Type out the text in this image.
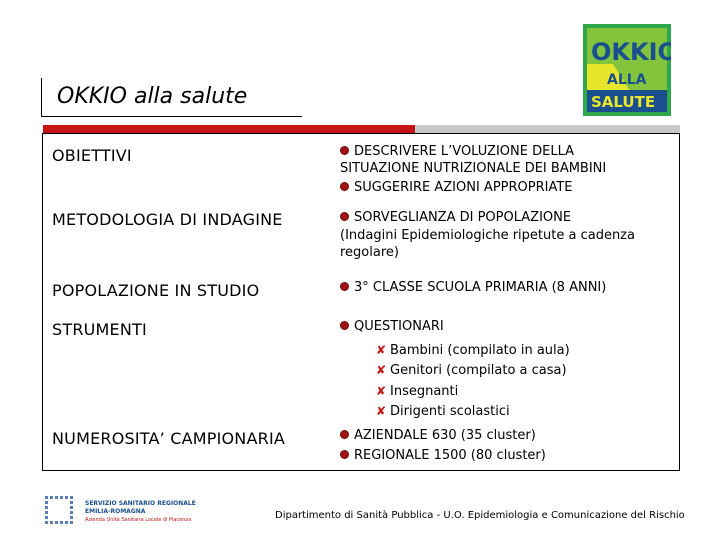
OKKIO
ALLA
SALUTE
OKKIO alla salute
OBIETTIVI	DESCRIVERE L’VOLUZIONE DELLA
SITUAZIONE NUTRIZIONALE DEI BAMBINI
SUGGERIRE AZIONI APPROPRIATE
METODOLOGIA DI INDAGINE	SORVEGLIANZA DI POPOLAZIONE
(Indagini Epidemiologiche ripetute a cadenza
regolare)
POPOLAZIONE IN STUDIO	3° CLASSE SCUOLA PRIMARIA (8 ANNI)
STRUMENTI	QUESTIONARI
✘ Bambini (compilato in aula)
✘ Genitori (compilato a casa)
✘ Insegnanti
✘ Dirigenti scolastici
NUMEROSITA’ CAMPIONARIA	AZIENDALE 630 (35 cluster)
REGIONALE 1500 (80 cluster)
SERVIZIO SANITARIO REGIONALE
EMILIA-ROMAGNA
Azienda Unità Sanitaria Locale di Piacenza	Dipartimento di Sanità Pubblica - U.O. Epidemiologia e Comunicazione del Rischio
